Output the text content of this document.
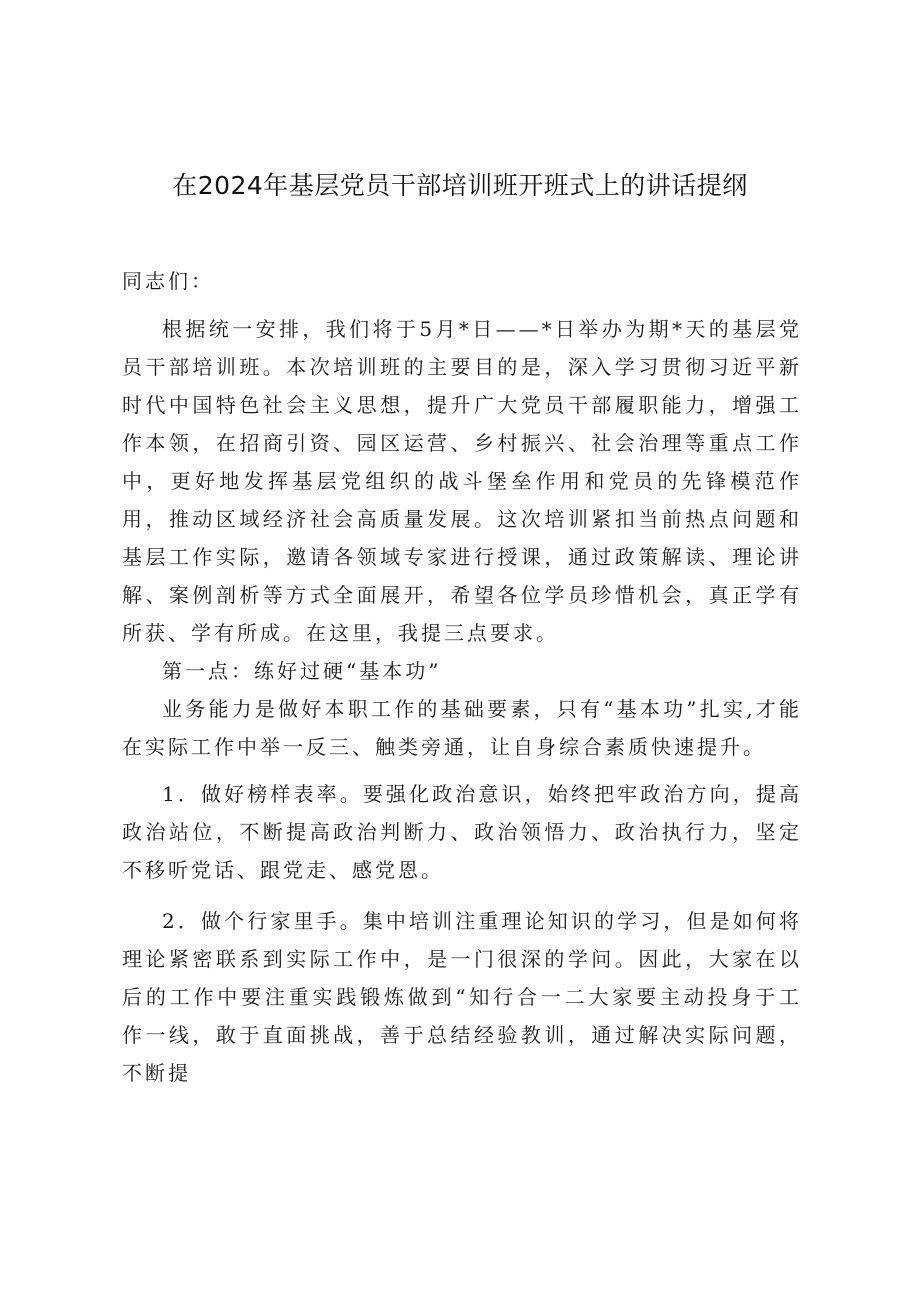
在2024年基层党员干部培训班开班式上的讲话提纲

同志们：

根据统一安排，我们将于5月*日——*日举办为期*天的基层党员干部培训班。本次培训班的主要目的是，深入学习贯彻习近平新时代中国特色社会主义思想，提升广大党员干部履职能力，增强工作本领，在招商引资、园区运营、乡村振兴、社会治理等重点工作中，更好地发挥基层党组织的战斗堡垒作用和党员的先锋模范作用，推动区域经济社会高质量发展。这次培训紧扣当前热点问题和基层工作实际，邀请各领域专家进行授课，通过政策解读、理论讲解、案例剖析等方式全面展开，希望各位学员珍惜机会，真正学有所获、学有所成。在这里，我提三点要求。

第一点：练好过硬“基本功”

业务能力是做好本职工作的基础要素，只有“基本功”扎实,才能在实际工作中举一反三、触类旁通，让自身综合素质快速提升。

1．做好榜样表率。要强化政治意识，始终把牢政治方向，提高政治站位，不断提高政治判断力、政治领悟力、政治执行力，坚定不移听党话、跟党走、感党恩。

2．做个行家里手。集中培训注重理论知识的学习，但是如何将理论紧密联系到实际工作中，是一门很深的学问。因此，大家在以后的工作中要注重实践锻炼做到“知行合一二大家要主动投身于工作一线，敢于直面挑战，善于总结经验教训，通过解决实际问题，不断提
